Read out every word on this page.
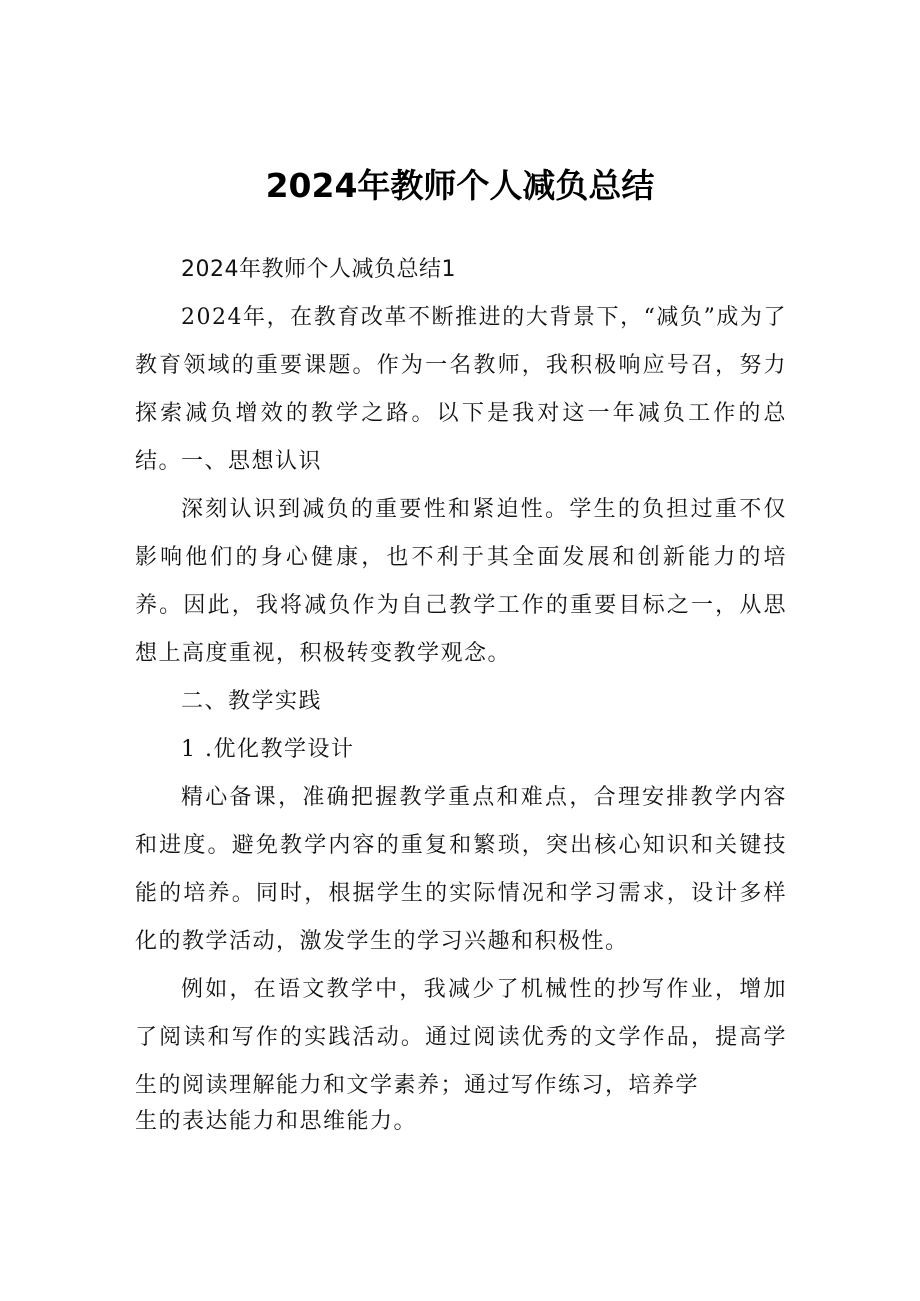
2024年教师个人减负总结

2024年教师个人减负总结1

2024年，在教育改革不断推进的大背景下，“减负”成为了教育领域的重要课题。作为一名教师，我积极响应号召，努力探索减负增效的教学之路。以下是我对这一年减负工作的总结。

一、思想认识

深刻认识到减负的重要性和紧迫性。学生的负担过重不仅影响他们的身心健康，也不利于其全面发展和创新能力的培养。因此，我将减负作为自己教学工作的重要目标之一，从思想上高度重视，积极转变教学观念。

二、教学实践

1 .优化教学设计

精心备课，准确把握教学重点和难点，合理安排教学内容和进度。避免教学内容的重复和繁琐，突出核心知识和关键技能的培养。同时，根据学生的实际情况和学习需求，设计多样化的教学活动，激发学生的学习兴趣和积极性。

例如，在语文教学中，我减少了机械性的抄写作业，增加了阅读和写作的实践活动。通过阅读优秀的文学作品，提高学生的阅读理解能力和文学素养；通过写作练习，培养学

生的表达能力和思维能力。
